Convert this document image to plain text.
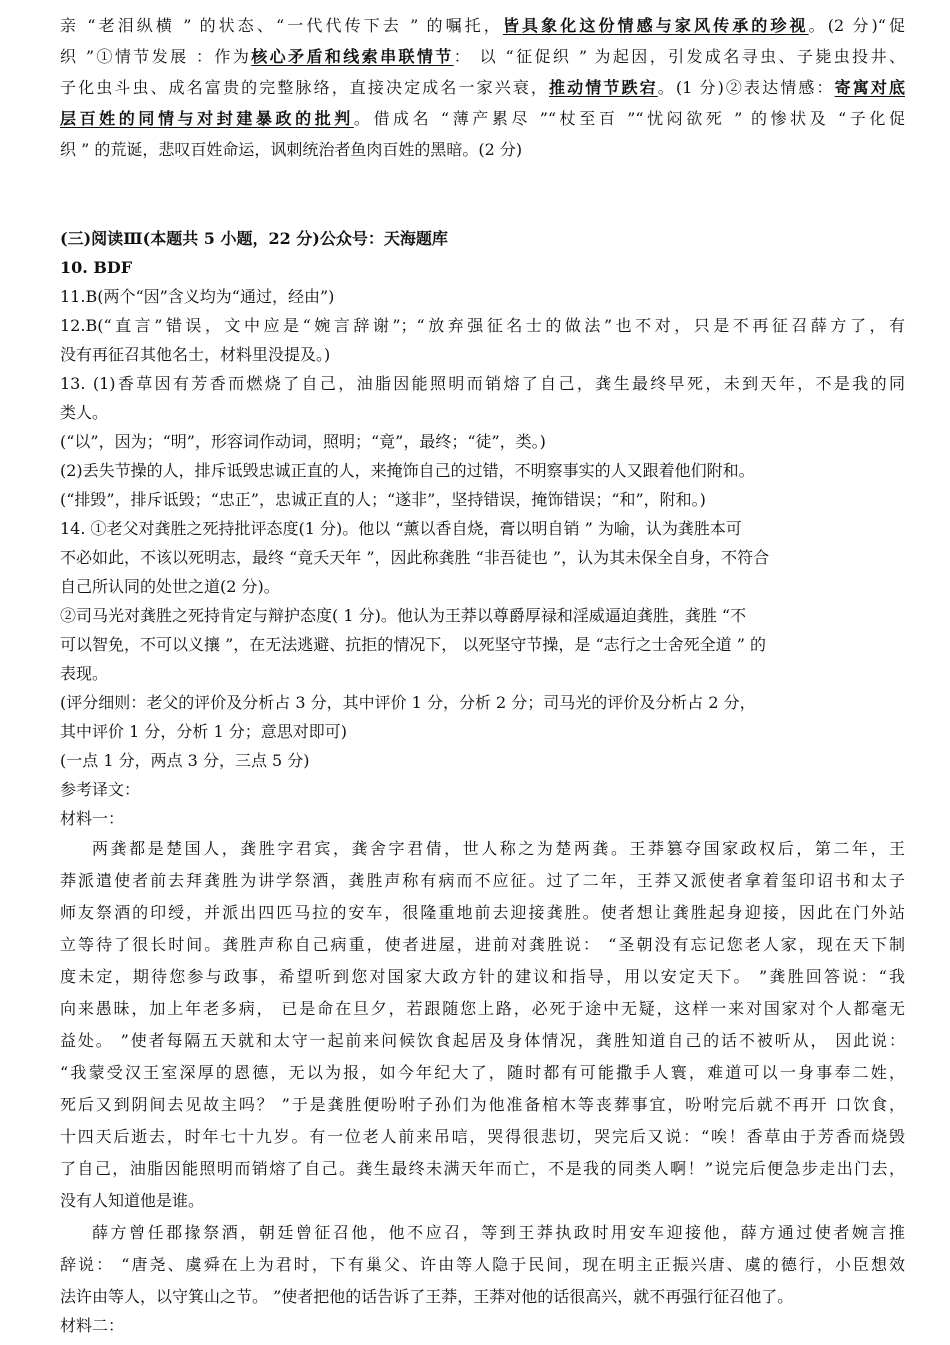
亲 “老泪纵横 ” 的状态、“一代代传下去 ” 的嘱托，皆具象化这份情感与家风传承的珍视。(2 分)“促

织 ”①情节发展 ：作为核心矛盾和线索串联情节： 以 “征促织 ” 为起因，引发成名寻虫、子毙虫投井、

子化虫斗虫、成名富贵的完整脉络，直接决定成名一家兴衰，推动情节跌宕。(1 分)②表达情感：寄寓对底

层百姓的同情与对封建暴政的批判。借成名 “薄产累尽 ”“杖至百 ”“忧闷欲死 ” 的惨状及 “子化促

织 ” 的荒诞，悲叹百姓命运，讽刺统治者鱼肉百姓的黑暗。(2 分)

(三)阅读Ⅲ(本题共 5 小题，22 分)公众号：天海题库

10. BDF

11.B(两个“因”含义均为“通过，经由”)

12.B(“直言”错误，文中应是“婉言辞谢”；“放弃强征名士的做法”也不对，只是不再征召薛方了，有

没有再征召其他名士，材料里没提及。)

13. (1)香草因有芳香而燃烧了自己，油脂因能照明而销熔了自己，龚生最终早死，未到天年，不是我的同

类人。

(“以”，因为；“明”，形容词作动词，照明；“竟”，最终；“徒”，类。)

(2)丢失节操的人，排斥诋毁忠诚正直的人，来掩饰自己的过错，不明察事实的人又跟着他们附和。

(“排毁”，排斥诋毁；“忠正”，忠诚正直的人；“遂非”，坚持错误，掩饰错误；“和”，附和。)

14. ①老父对龚胜之死持批评态度(1 分)。他以 “薰以香自烧，膏以明自销 ” 为喻，认为龚胜本可

不必如此，不该以死明志，最终 “竟夭天年 ”，因此称龚胜 “非吾徒也 ”，认为其未保全自身，不符合

自己所认同的处世之道(2 分)。

②司马光对龚胜之死持肯定与辩护态度( 1 分)。他认为王莽以尊爵厚禄和淫威逼迫龚胜，龚胜 “不

可以智免，不可以义攘 ”，在无法逃避、抗拒的情况下， 以死坚守节操，是 “志行之士舍死全道 ” 的

表现。

(评分细则：老父的评价及分析占 3 分，其中评价 1 分，分析 2 分；司马光的评价及分析占 2 分，

其中评价 1 分，分析 1 分；意思对即可)

(一点 1 分，两点 3 分，三点 5 分)

参考译文：

材料一：

两龚都是楚国人，龚胜字君宾，龚舍字君倩，世人称之为楚两龚。王莽篡夺国家政权后，第二年，王

莽派遣使者前去拜龚胜为讲学祭酒，龚胜声称有病而不应征。过了二年，王莽又派使者拿着玺印诏书和太子

师友祭酒的印绶，并派出四匹马拉的安车，很隆重地前去迎接龚胜。使者想让龚胜起身迎接，因此在门外站

立等待了很长时间。龚胜声称自己病重，使者进屋，进前对龚胜说： “圣朝没有忘记您老人家，现在天下制

度未定，期待您参与政事，希望听到您对国家大政方针的建议和指导，用以安定天下。 ”龚胜回答说：“我

向来愚昧，加上年老多病， 已是命在旦夕，若跟随您上路，必死于途中无疑，这样一来对国家对个人都毫无

益处。 ”使者每隔五天就和太守一起前来问候饮食起居及身体情况，龚胜知道自己的话不被听从， 因此说：

“我蒙受汉王室深厚的恩德，无以为报，如今年纪大了，随时都有可能撒手人寰，难道可以一身事奉二姓，

死后又到阴间去见故主吗？ ”于是龚胜便吩咐子孙们为他准备棺木等丧葬事宜，吩咐完后就不再开 口饮食，

十四天后逝去，时年七十九岁。有一位老人前来吊唁，哭得很悲切，哭完后又说：“唉！香草由于芳香而烧毁

了自己，油脂因能照明而销熔了自己。龚生最终未满天年而亡，不是我的同类人啊！”说完后便急步走出门去，

没有人知道他是谁。

薛方曾任郡掾祭酒，朝廷曾征召他，他不应召，等到王莽执政时用安车迎接他，薛方通过使者婉言推

辞说： “唐尧、虞舜在上为君时，下有巢父、许由等人隐于民间，现在明主正振兴唐、虞的德行，小臣想效

法许由等人，以守箕山之节。 ”使者把他的话告诉了王莽，王莽对他的话很高兴，就不再强行征召他了。

材料二：
